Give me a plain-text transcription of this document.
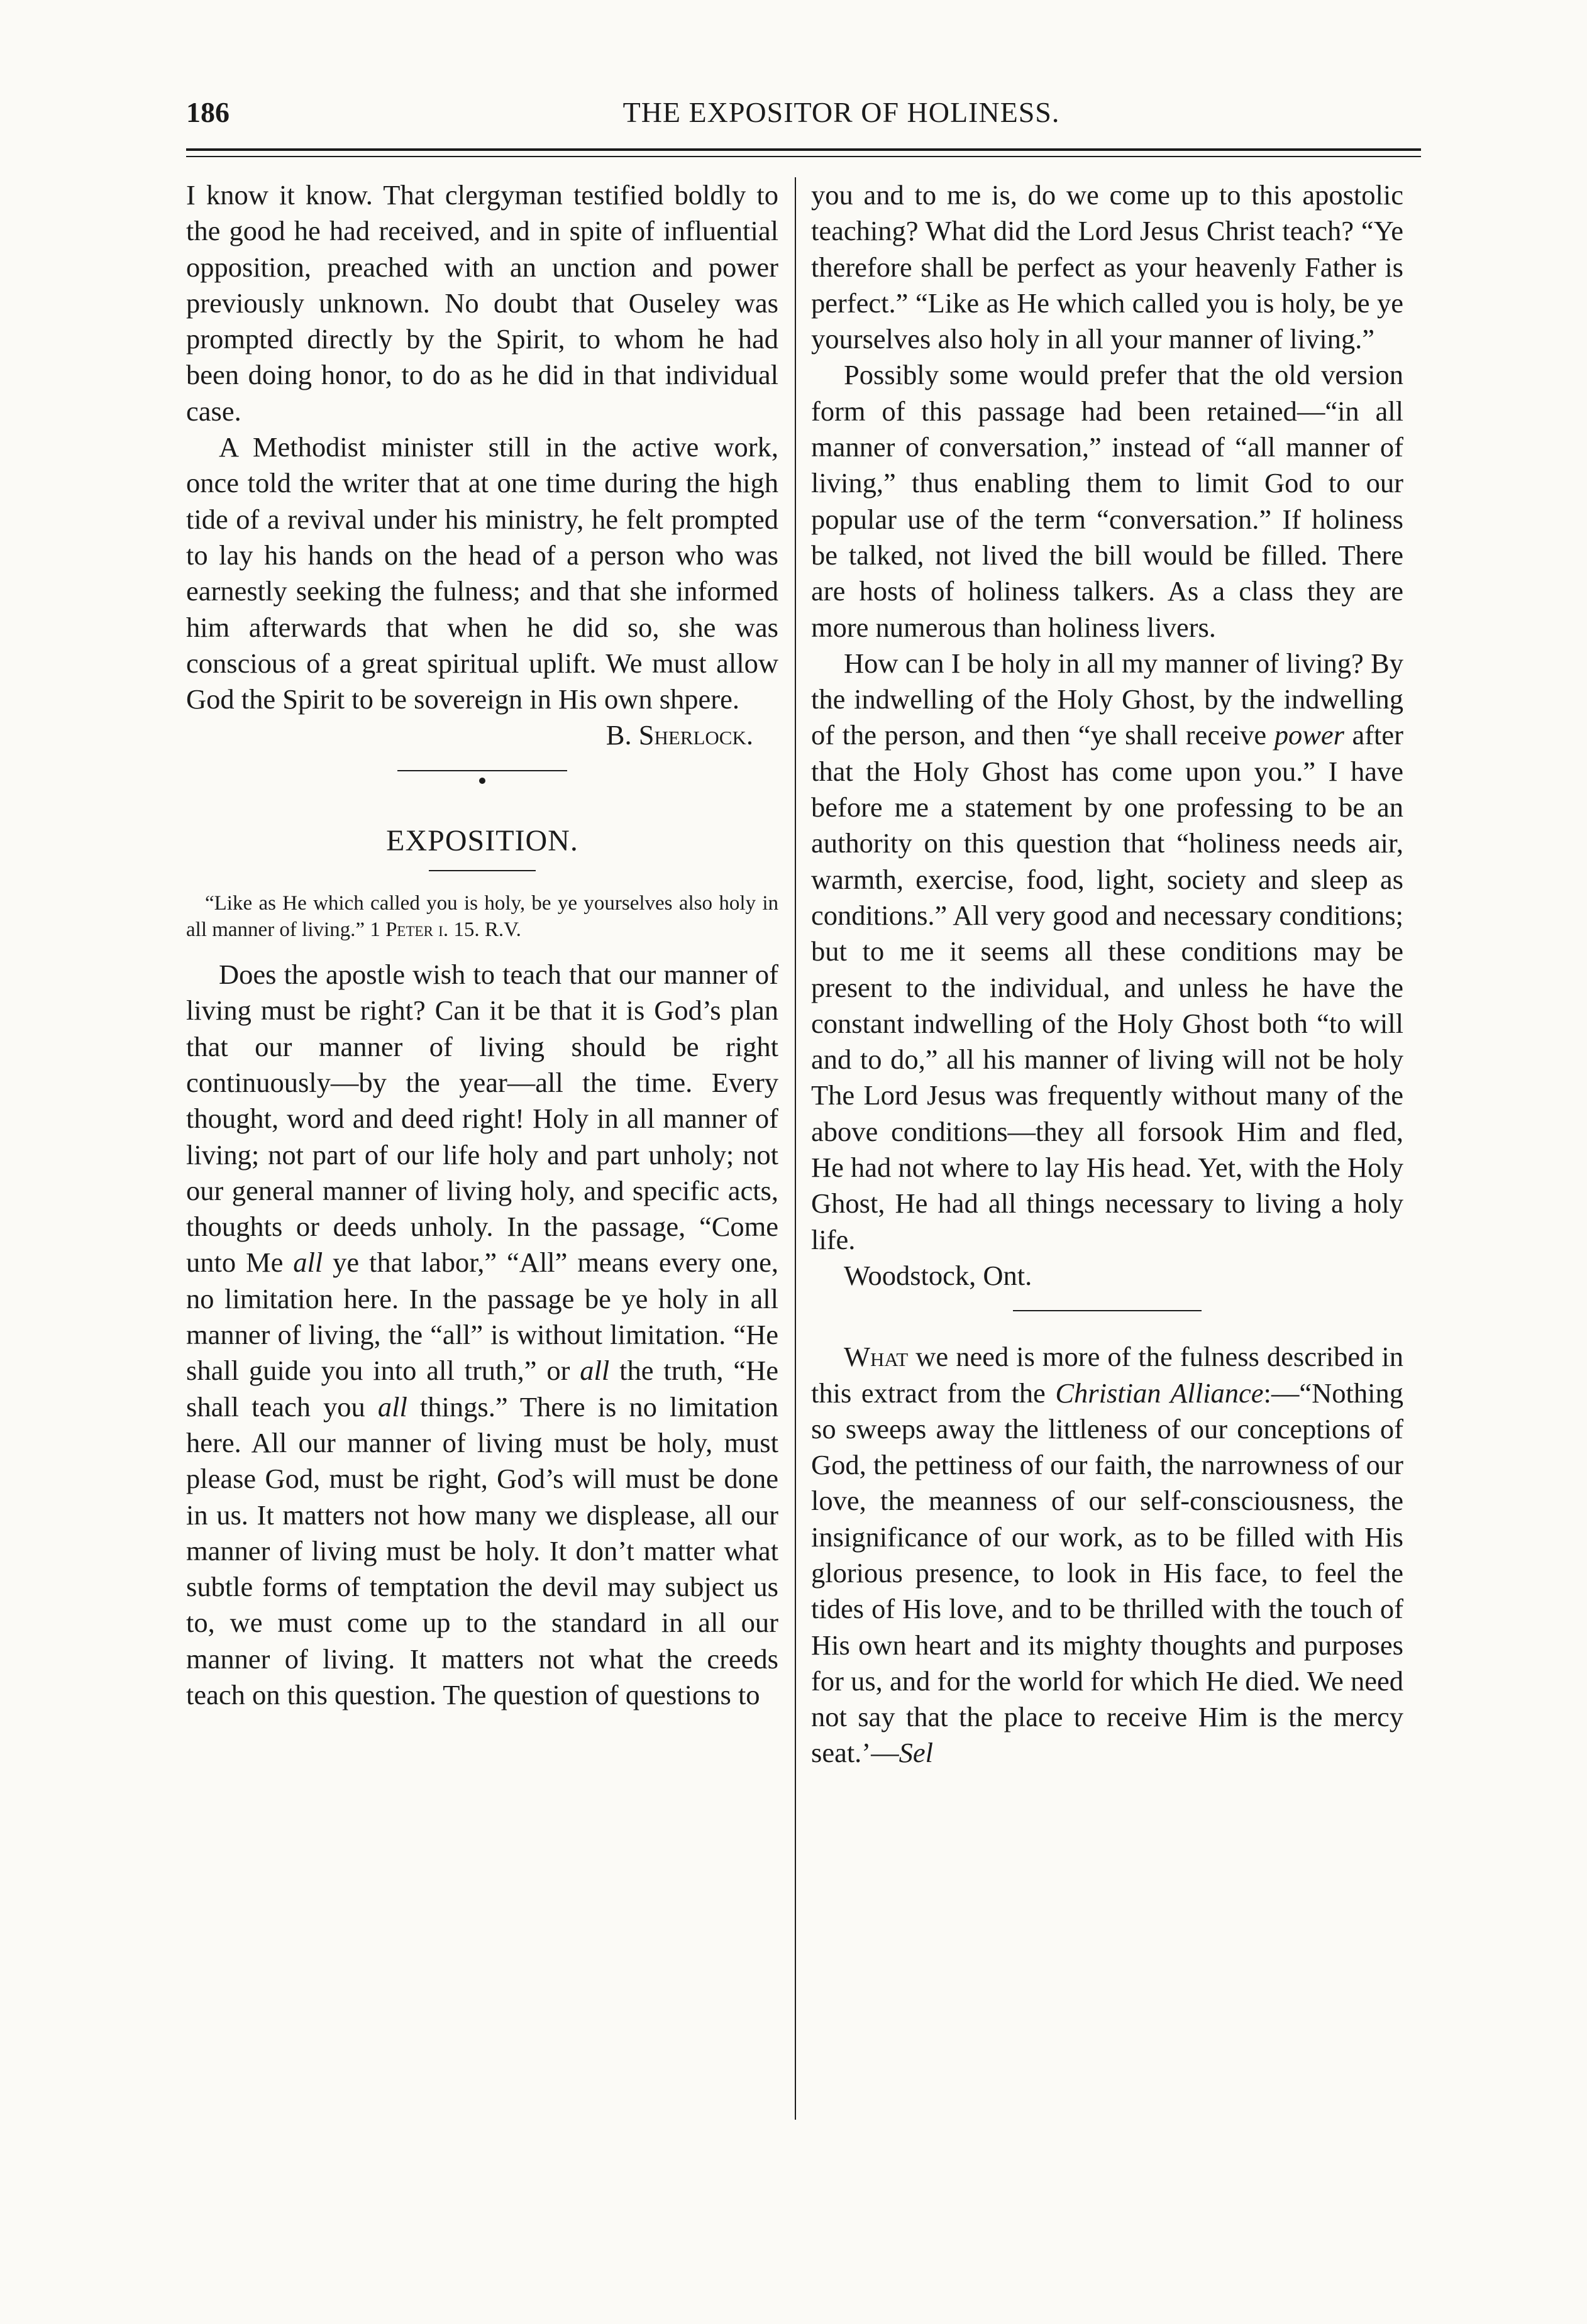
186	THE EXPOSITOR OF HOLINESS.

I know it know. That clergyman testified boldly to the good he had received, and in spite of influential opposition, preached with an unction and power previously unknown. No doubt that Ouseley was prompted directly by the Spirit, to whom he had been doing honor, to do as he did in that individual case.

A Methodist minister still in the active work, once told the writer that at one time during the high tide of a revival under his ministry, he felt prompted to lay his hands on the head of a person who was earnestly seeking the fulness; and that she informed him afterwards that when he did so, she was conscious of a great spiritual uplift. We must allow God the Spirit to be sovereign in His own shpere.

B. Sherlock.

EXPOSITION.

“Like as He which called you is holy, be ye yourselves also holy in all manner of living.” 1 Peter i. 15. R.V.

Does the apostle wish to teach that our manner of living must be right? Can it be that it is God’s plan that our manner of living should be right continuously—by the year—all the time. Every thought, word and deed right! Holy in all manner of living; not part of our life holy and part unholy; not our general manner of living holy, and specific acts, thoughts or deeds unholy. In the passage, “Come unto Me all ye that labor,” “All” means every one, no limitation here. In the passage be ye holy in all manner of living, the “all” is without limitation. “He shall guide you into all truth,” or all the truth, “He shall teach you all things.” There is no limitation here. All our manner of living must be holy, must please God, must be right, God’s will must be done in us. It matters not how many we displease, all our manner of living must be holy. It don’t matter what subtle forms of temptation the devil may subject us to, we must come up to the standard in all our manner of living. It matters not what the creeds teach on this question. The question of questions to

you and to me is, do we come up to this apostolic teaching? What did the Lord Jesus Christ teach? “Ye therefore shall be perfect as your heavenly Father is perfect.” “Like as He which called you is holy, be ye yourselves also holy in all your manner of living.”

Possibly some would prefer that the old version form of this passage had been retained—“in all manner of conversation,” instead of “all manner of living,” thus enabling them to limit God to our popular use of the term “conversation.” If holiness be talked, not lived the bill would be filled. There are hosts of holiness talkers. As a class they are more numerous than holiness livers.

How can I be holy in all my manner of living? By the indwelling of the Holy Ghost, by the indwelling of the person, and then “ye shall receive power after that the Holy Ghost has come upon you.” I have before me a statement by one professing to be an authority on this question that “holiness needs air, warmth, exercise, food, light, society and sleep as conditions.” All very good and necessary conditions; but to me it seems all these conditions may be present to the individual, and unless he have the constant indwelling of the Holy Ghost both “to will and to do,” all his manner of living will not be holy The Lord Jesus was frequently without many of the above conditions—they all forsook Him and fled, He had not where to lay His head. Yet, with the Holy Ghost, He had all things necessary to living a holy life.

Woodstock, Ont.

What we need is more of the fulness described in this extract from the Christian Alliance:—“Nothing so sweeps away the littleness of our conceptions of God, the pettiness of our faith, the narrowness of our love, the meanness of our self-consciousness, the insignificance of our work, as to be filled with His glorious presence, to look in His face, to feel the tides of His love, and to be thrilled with the touch of His own heart and its mighty thoughts and purposes for us, and for the world for which He died. We need not say that the place to receive Him is the mercy seat.’—Sel
